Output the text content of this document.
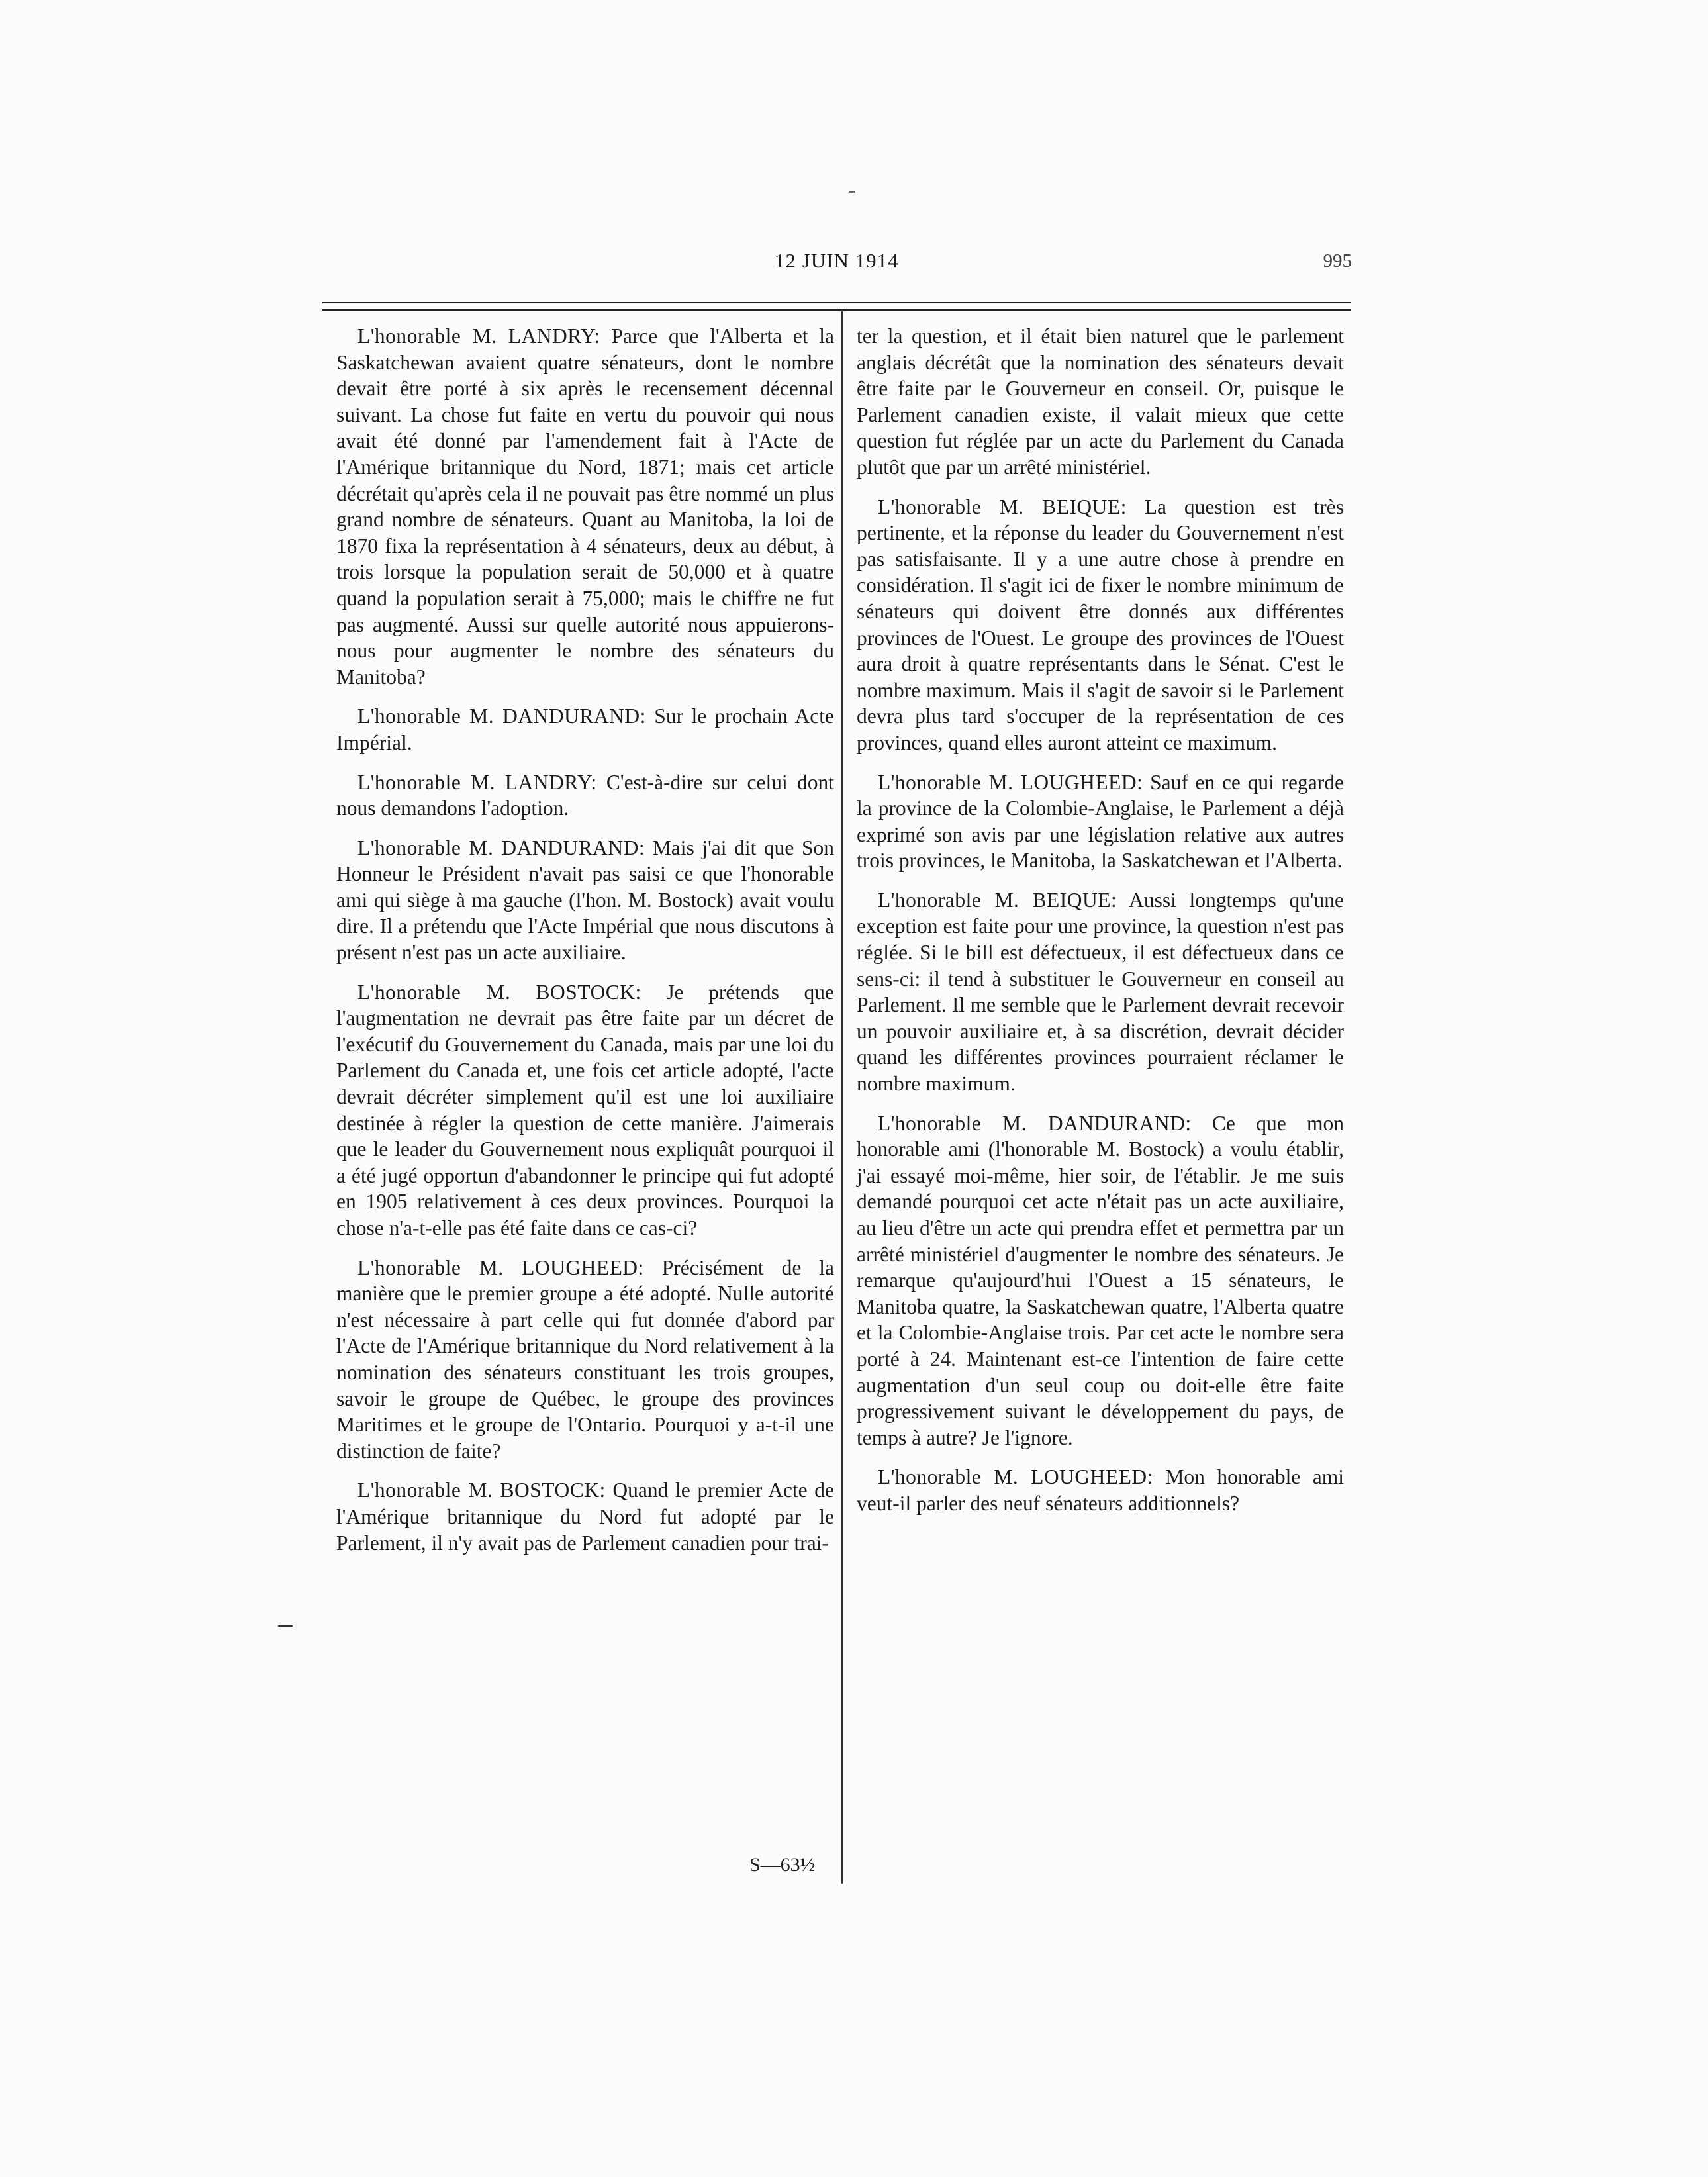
12 JUIN 1914	995

L'honorable M. LANDRY: Parce que l'Alberta et la Saskatchewan avaient quatre sénateurs, dont le nombre devait être porté à six après le recensement décennal suivant. La chose fut faite en vertu du pouvoir qui nous avait été donné par l'amendement fait à l'Acte de l'Amérique britannique du Nord, 1871; mais cet article décrétait qu'après cela il ne pouvait pas être nommé un plus grand nombre de sénateurs. Quant au Manitoba, la loi de 1870 fixa la représentation à 4 sénateurs, deux au début, à trois lorsque la population serait de 50,000 et à quatre quand la population serait à 75,000; mais le chiffre ne fut pas augmenté. Aussi sur quelle autorité nous appuierons-nous pour augmenter le nombre des sénateurs du Manitoba?

L'honorable M. DANDURAND: Sur le prochain Acte Impérial.

L'honorable M. LANDRY: C'est-à-dire sur celui dont nous demandons l'adoption.

L'honorable M. DANDURAND: Mais j'ai dit que Son Honneur le Président n'avait pas saisi ce que l'honorable ami qui siège à ma gauche (l'hon. M. Bostock) avait voulu dire. Il a prétendu que l'Acte Impérial que nous discutons à présent n'est pas un acte auxiliaire.

L'honorable M. BOSTOCK: Je prétends que l'augmentation ne devrait pas être faite par un décret de l'exécutif du Gouvernement du Canada, mais par une loi du Parlement du Canada et, une fois cet article adopté, l'acte devrait décréter simplement qu'il est une loi auxiliaire destinée à régler la question de cette manière. J'aimerais que le leader du Gouvernement nous expliquât pourquoi il a été jugé opportun d'abandonner le principe qui fut adopté en 1905 relativement à ces deux provinces. Pourquoi la chose n'a-t-elle pas été faite dans ce cas-ci?

L'honorable M. LOUGHEED: Précisément de la manière que le premier groupe a été adopté. Nulle autorité n'est nécessaire à part celle qui fut donnée d'abord par l'Acte de l'Amérique britannique du Nord relativement à la nomination des sénateurs constituant les trois groupes, savoir le groupe de Québec, le groupe des provinces Maritimes et le groupe de l'Ontario. Pourquoi y a-t-il une distinction de faite?

L'honorable M. BOSTOCK: Quand le premier Acte de l'Amérique britannique du Nord fut adopté par le Parlement, il n'y avait pas de Parlement canadien pour trai-

ter la question, et il était bien naturel que le parlement anglais décrétât que la nomination des sénateurs devait être faite par le Gouverneur en conseil. Or, puisque le Parlement canadien existe, il valait mieux que cette question fut réglée par un acte du Parlement du Canada plutôt que par un arrêté ministériel.

L'honorable M. BEIQUE: La question est très pertinente, et la réponse du leader du Gouvernement n'est pas satisfaisante. Il y a une autre chose à prendre en considération. Il s'agit ici de fixer le nombre minimum de sénateurs qui doivent être donnés aux différentes provinces de l'Ouest. Le groupe des provinces de l'Ouest aura droit à quatre représentants dans le Sénat. C'est le nombre maximum. Mais il s'agit de savoir si le Parlement devra plus tard s'occuper de la représentation de ces provinces, quand elles auront atteint ce maximum.

L'honorable M. LOUGHEED: Sauf en ce qui regarde la province de la Colombie-Anglaise, le Parlement a déjà exprimé son avis par une législation relative aux autres trois provinces, le Manitoba, la Saskatchewan et l'Alberta.

L'honorable M. BEIQUE: Aussi longtemps qu'une exception est faite pour une province, la question n'est pas réglée. Si le bill est défectueux, il est défectueux dans ce sens-ci: il tend à substituer le Gouverneur en conseil au Parlement. Il me semble que le Parlement devrait recevoir un pouvoir auxiliaire et, à sa discrétion, devrait décider quand les différentes provinces pourraient réclamer le nombre maximum.

L'honorable M. DANDURAND: Ce que mon honorable ami (l'honorable M. Bostock) a voulu établir, j'ai essayé moi-même, hier soir, de l'établir. Je me suis demandé pourquoi cet acte n'était pas un acte auxiliaire, au lieu d'être un acte qui prendra effet et permettra par un arrêté ministériel d'augmenter le nombre des sénateurs. Je remarque qu'aujourd'hui l'Ouest a 15 sénateurs, le Manitoba quatre, la Saskatchewan quatre, l'Alberta quatre et la Colombie-Anglaise trois. Par cet acte le nombre sera porté à 24. Maintenant est-ce l'intention de faire cette augmentation d'un seul coup ou doit-elle être faite progressivement suivant le développement du pays, de temps à autre? Je l'ignore.

L'honorable M. LOUGHEED: Mon honorable ami veut-il parler des neuf sénateurs additionnels?

S—63½
